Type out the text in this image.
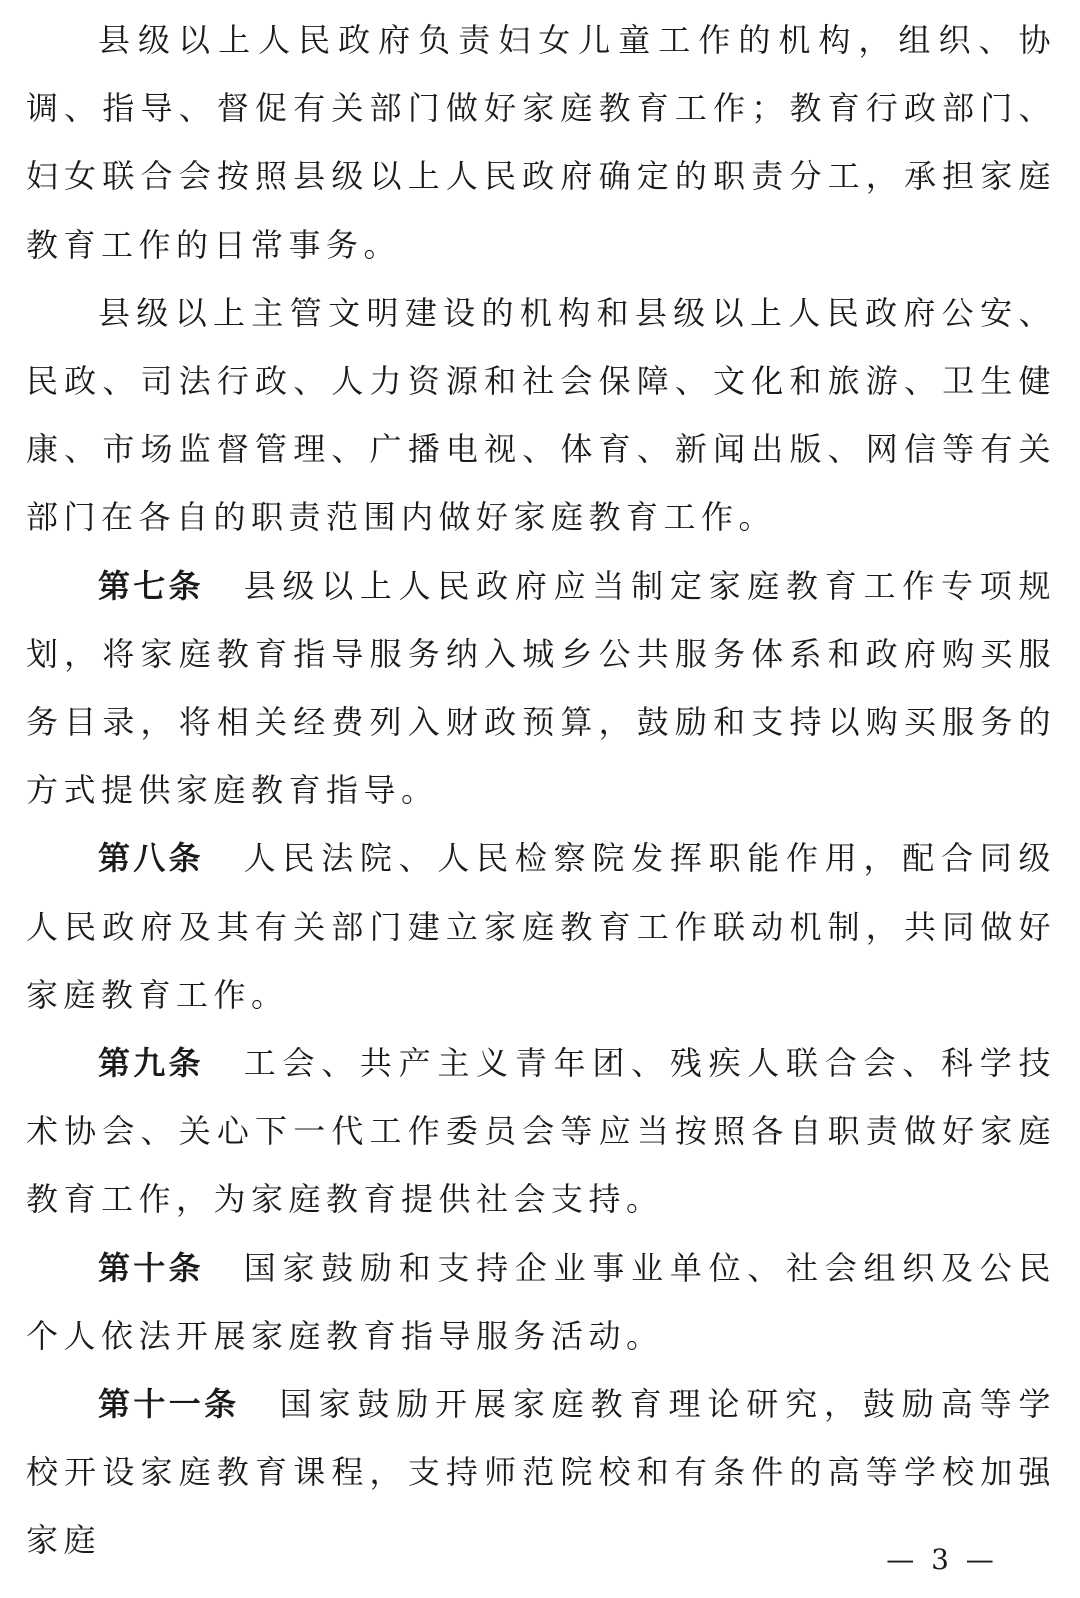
县级以上人民政府负责妇女儿童工作的机构，组织、协调、指导、督促有关部门做好家庭教育工作；教育行政部门、妇女联合会按照县级以上人民政府确定的职责分工，承担家庭教育工作的日常事务。

县级以上主管文明建设的机构和县级以上人民政府公安、民政、司法行政、人力资源和社会保障、文化和旅游、卫生健康、市场监督管理、广播电视、体育、新闻出版、网信等有关部门在各自的职责范围内做好家庭教育工作。

第七条 县级以上人民政府应当制定家庭教育工作专项规划，将家庭教育指导服务纳入城乡公共服务体系和政府购买服务目录，将相关经费列入财政预算，鼓励和支持以购买服务的方式提供家庭教育指导。

第八条 人民法院、人民检察院发挥职能作用，配合同级人民政府及其有关部门建立家庭教育工作联动机制，共同做好家庭教育工作。

第九条 工会、共产主义青年团、残疾人联合会、科学技术协会、关心下一代工作委员会等应当按照各自职责做好家庭教育工作，为家庭教育提供社会支持。

第十条 国家鼓励和支持企业事业单位、社会组织及公民个人依法开展家庭教育指导服务活动。

第十一条 国家鼓励开展家庭教育理论研究，鼓励高等学校开设家庭教育课程，支持师范院校和有条件的高等学校加强家庭

— 3 —
